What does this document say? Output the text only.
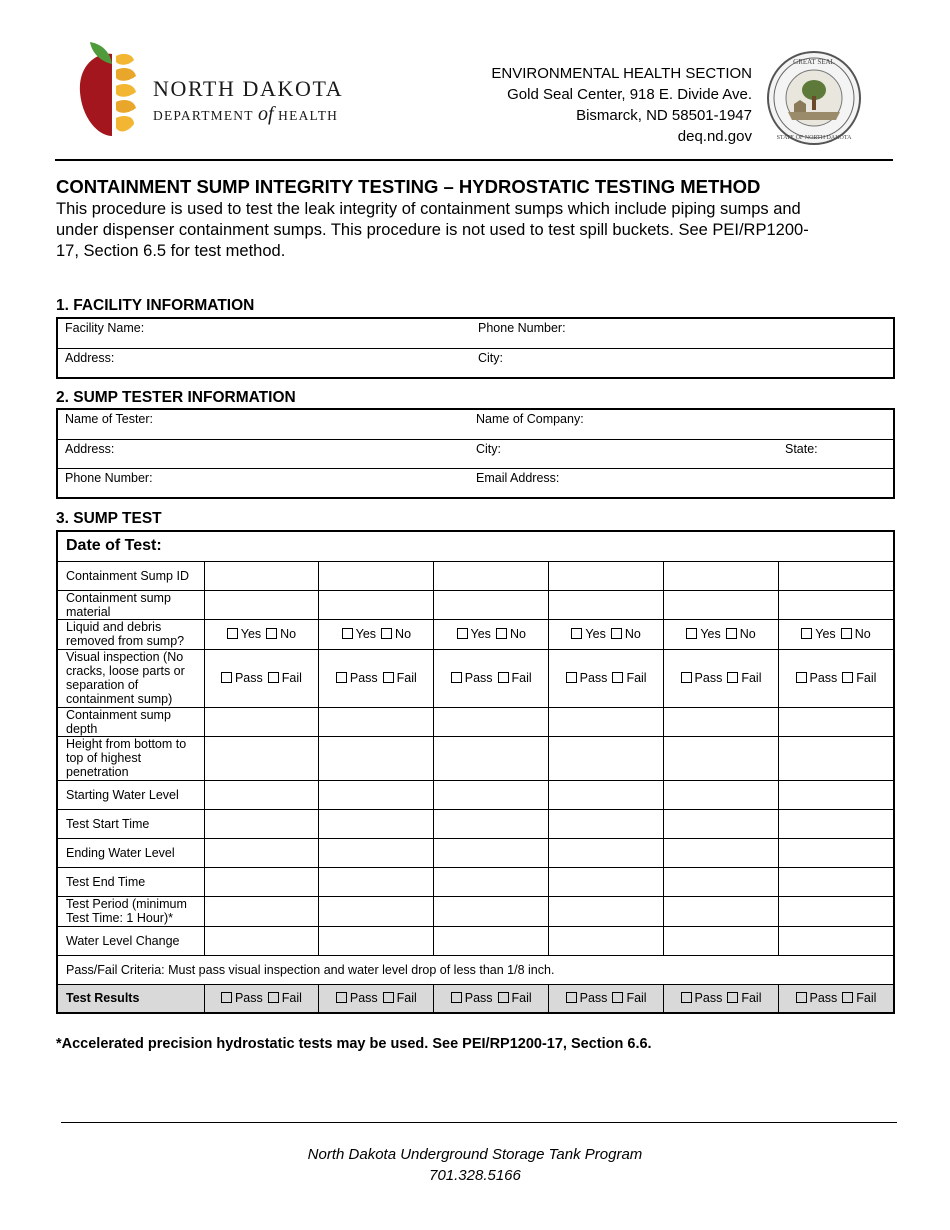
NORTH DAKOTA
DEPARTMENT of HEALTH
ENVIRONMENTAL HEALTH SECTION
Gold Seal Center, 918 E. Divide Ave.
Bismarck, ND 58501-1947
deq.nd.gov
GREAT SEAL
STATE OF NORTH DAKOTA
CONTAINMENT SUMP INTEGRITY TESTING – HYDROSTATIC TESTING METHOD
This procedure is used to test the leak integrity of containment sumps which include piping sumps and under dispenser containment sumps. This procedure is not used to test spill buckets. See PEI/RP1200-17, Section 6.5 for test method.
1. FACILITY INFORMATION
Facility Name:	Phone Number:
Address:	City:
2. SUMP TESTER INFORMATION
Name of Tester:	Name of Company:
Address:	City:	State:
Phone Number:	Email Address:
3. SUMP TEST
Date of Test:						
Containment Sump ID						
Containment sump material						
Liquid and debris removed from sump?	Yes No	Yes No	Yes No	Yes No	Yes No	Yes No
Visual inspection (No cracks, loose parts or separation of containment sump)	Pass Fail	Pass Fail	Pass Fail	Pass Fail	Pass Fail	Pass Fail
Containment sump depth						
Height from bottom to top of highest penetration						
Starting Water Level						
Test Start Time						
Ending Water Level						
Test End Time						
Test Period (minimum Test Time: 1 Hour)*						
Water Level Change						
Pass/Fail Criteria: Must pass visual inspection and water level drop of less than 1/8 inch.						
Test Results	Pass Fail	Pass Fail	Pass Fail	Pass Fail	Pass Fail	Pass Fail
*Accelerated precision hydrostatic tests may be used. See PEI/RP1200-17, Section 6.6.
North Dakota Underground Storage Tank Program
701.328.5166
